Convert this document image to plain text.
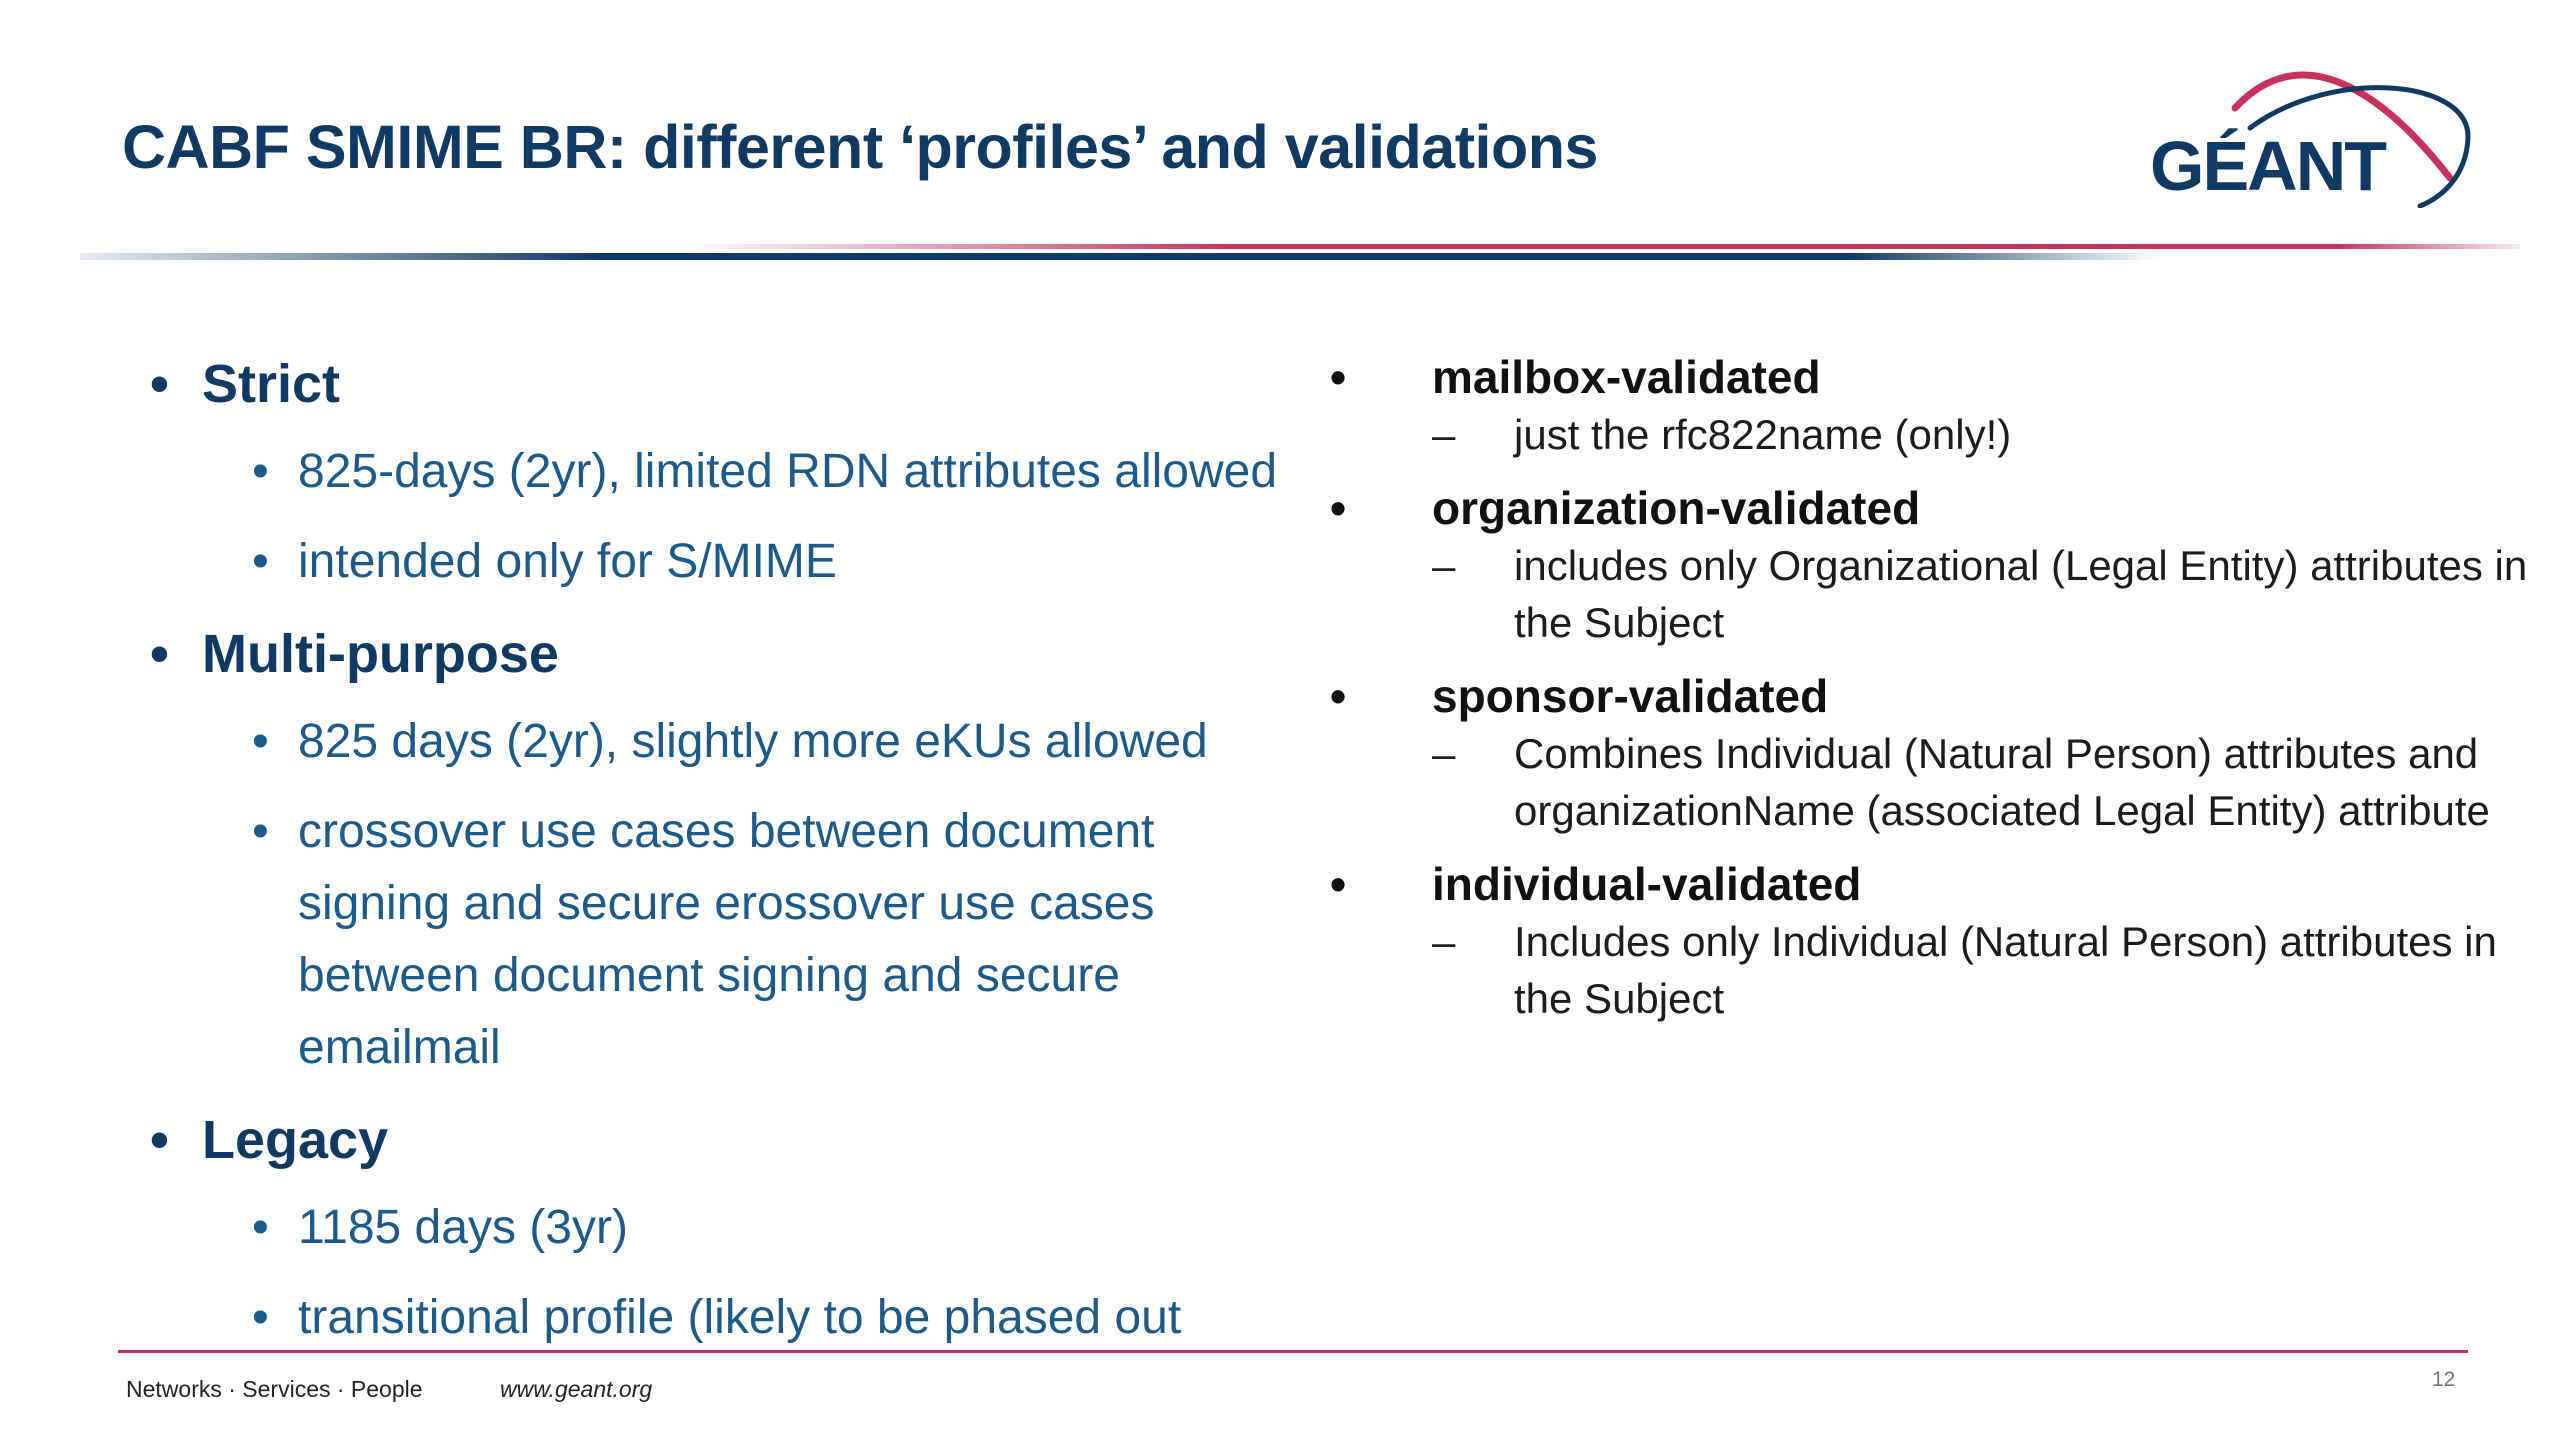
CABF SMIME BR: different ‘profiles’ and validations	GÉANT
• Strict
• 825-days (2yr), limited RDN attributes allowed
• intended only for S/MIME
• Multi-purpose
• 825 days (2yr), slightly more eKUs allowed
• crossover use cases between document signing and secure erossover use cases between document signing and secure emailmail
• Legacy
• 1185 days (3yr)
• transitional profile (likely to be phased out
• mailbox-validated
– just the rfc822name (only!)
• organization-validated
– includes only Organizational (Legal Entity) attributes in the Subject
• sponsor-validated
– Combines Individual (Natural Person) attributes and organizationName (associated Legal Entity) attribute
• individual-validated
– Includes only Individual (Natural Person) attributes in the Subject
Networks · Services · People	www.geant.org	12
